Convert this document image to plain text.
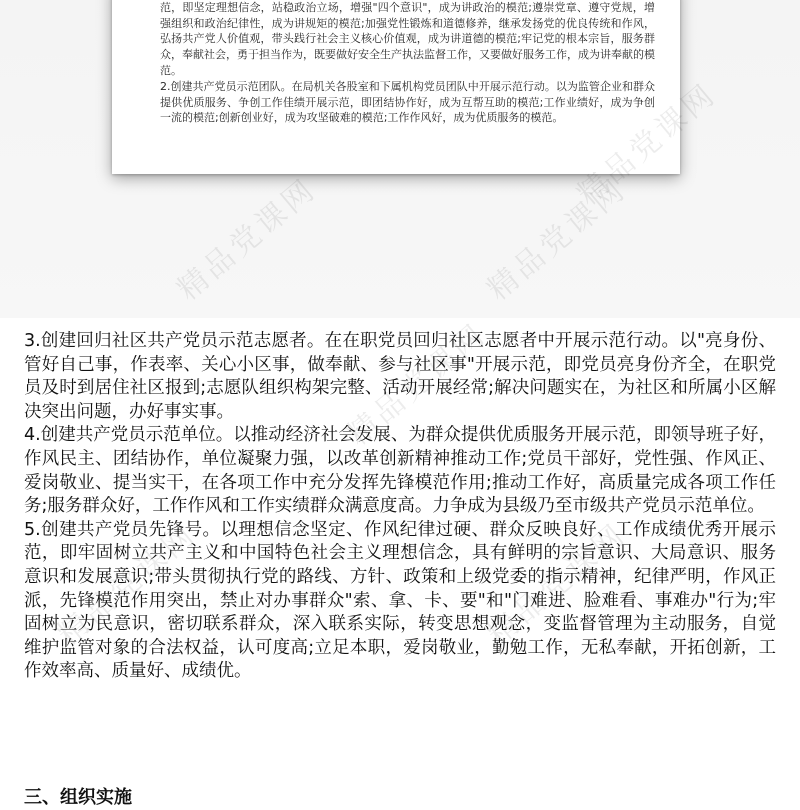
范，即坚定理想信念，站稳政治立场，增强"四个意识"，成为讲政治的模范;遵崇党章、遵守党规，增强组织和政治纪律性，成为讲规矩的模范;加强党性锻炼和道德修养，继承发扬党的优良传统和作风，弘扬共产党人价值观，带头践行社会主义核心价值观，成为讲道德的模范;牢记党的根本宗旨，服务群众，奉献社会，勇于担当作为，既要做好安全生产执法监督工作，又要做好服务工作，成为讲奉献的模范。

2.创建共产党员示范团队。在局机关各股室和下属机构党员团队中开展示范行动。以为监管企业和群众提供优质服务、争创工作佳绩开展示范，即团结协作好，成为互帮互助的模范;工作业绩好，成为争创一流的模范;创新创业好，成为攻坚破难的模范;工作作风好，成为优质服务的模范。

精品党课网	精品党课网
精品党课网
精品党课网	精品党课网

3.创建回归社区共产党员示范志愿者。在在职党员回归社区志愿者中开展示范行动。以"亮身份、管好自己事，作表率、关心小区事，做奉献、参与社区事"开展示范，即党员亮身份齐全，在职党员及时到居住社区报到;志愿队组织构架完整、活动开展经常;解决问题实在，为社区和所属小区解决突出问题，办好事实事。

4.创建共产党员示范单位。以推动经济社会发展、为群众提供优质服务开展示范，即领导班子好，作风民主、团结协作，单位凝聚力强，以改革创新精神推动工作;党员干部好，党性强、作风正、爱岗敬业、提当实干，在各项工作中充分发挥先锋模范作用;推动工作好，高质量完成各项工作任务;服务群众好，工作作风和工作实绩群众满意度高。力争成为县级乃至市级共产党员示范单位。

5.创建共产党员先锋号。以理想信念坚定、作风纪律过硬、群众反映良好、工作成绩优秀开展示范，即牢固树立共产主义和中国特色社会主义理想信念，具有鲜明的宗旨意识、大局意识、服务意识和发展意识;带头贯彻执行党的路线、方针、政策和上级党委的指示精神，纪律严明，作风正派，先锋模范作用突出，禁止对办事群众"索、拿、卡、要"和"门难进、脸难看、事难办"行为;牢固树立为民意识，密切联系群众，深入联系实际，转变思想观念，变监督管理为主动服务，自觉维护监管对象的合法权益，认可度高;立足本职，爱岗敬业，勤勉工作，无私奉献，开拓创新，工作效率高、质量好、成绩优。

三、组织实施
